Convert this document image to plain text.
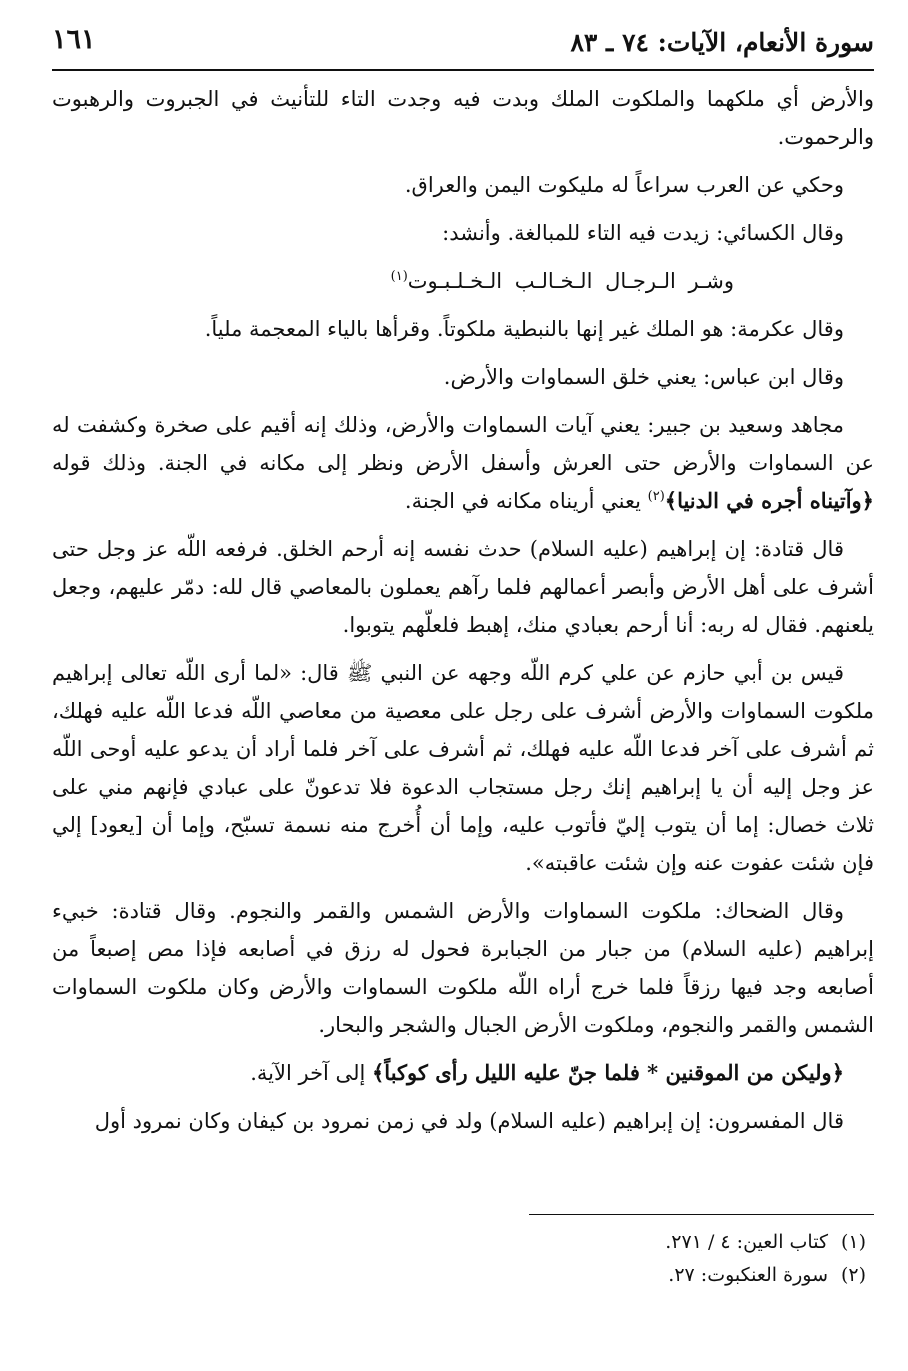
سورة الأنعام، الآيات: ٧٤ ـ ٨٣
١٦١

والأرض أي ملكهما والملكوت الملك وبدت فيه وجدت التاء للتأنيث في الجبروت والرهبوت والرحموت.

وحكي عن العرب سراعاً له مليكوت اليمن والعراق.

وقال الكسائي: زيدت فيه التاء للمبالغة. وأنشد:

وشـر الـرجـال الـخـالـب الـخـلـبـوت$^{(١)}$

وقال عكرمة: هو الملك غير إنها بالنبطية ملكوتاً. وقرأها بالياء المعجمة ملياً.

وقال ابن عباس: يعني خلق السماوات والأرض.

مجاهد وسعيد بن جبير: يعني آيات السماوات والأرض، وذلك إنه أقيم على صخرة وكشفت له عن السماوات والأرض حتى العرش وأسفل الأرض ونظر إلى مكانه في الجنة. وذلك قوله ﴿وآتيناه أجره في الدنيا﴾$^{(٢)}$ يعني أريناه مكانه في الجنة.

قال قتادة: إن إبراهيم (عليه السلام) حدث نفسه إنه أرحم الخلق. فرفعه اللّه عز وجل حتى أشرف على أهل الأرض وأبصر أعمالهم فلما رآهم يعملون بالمعاصي قال لله: دمّر عليهم، وجعل يلعنهم. فقال له ربه: أنا أرحم بعبادي منك، إهبط فلعلّهم يتوبوا.

قيس بن أبي حازم عن علي كرم اللّه وجهه عن النبي ﷺ قال: «لما أرى اللّه تعالى إبراهيم ملكوت السماوات والأرض أشرف على رجل على معصية من معاصي اللّه فدعا اللّه عليه فهلك، ثم أشرف على آخر فدعا اللّه عليه فهلك، ثم أشرف على آخر فلما أراد أن يدعو عليه أوحى اللّه عز وجل إليه أن يا إبراهيم إنك رجل مستجاب الدعوة فلا تدعونّ على عبادي فإنهم مني على ثلاث خصال: إما أن يتوب إليّ فأتوب عليه، وإما أن أُخرج منه نسمة تسبّح، وإما أن [يعود] إلي فإن شئت عفوت عنه وإن شئت عاقبته».

وقال الضحاك: ملكوت السماوات والأرض الشمس والقمر والنجوم. وقال قتادة: خبيء إبراهيم (عليه السلام) من جبار من الجبابرة فحول له رزق في أصابعه فإذا مص إصبعاً من أصابعه وجد فيها رزقاً فلما خرج أراه اللّه ملكوت السماوات والأرض وكان ملكوت السماوات الشمس والقمر والنجوم، وملكوت الأرض الجبال والشجر والبحار.

﴿وليكن من الموقنين * فلما جنّ عليه الليل رأى كوكباً﴾ إلى آخر الآية.

قال المفسرون: إن إبراهيم (عليه السلام) ولد في زمن نمرود بن كيفان وكان نمرود أول

(١)كتاب العين: ٤ / ٢٧١.
(٢)سورة العنكبوت: ٢٧.
